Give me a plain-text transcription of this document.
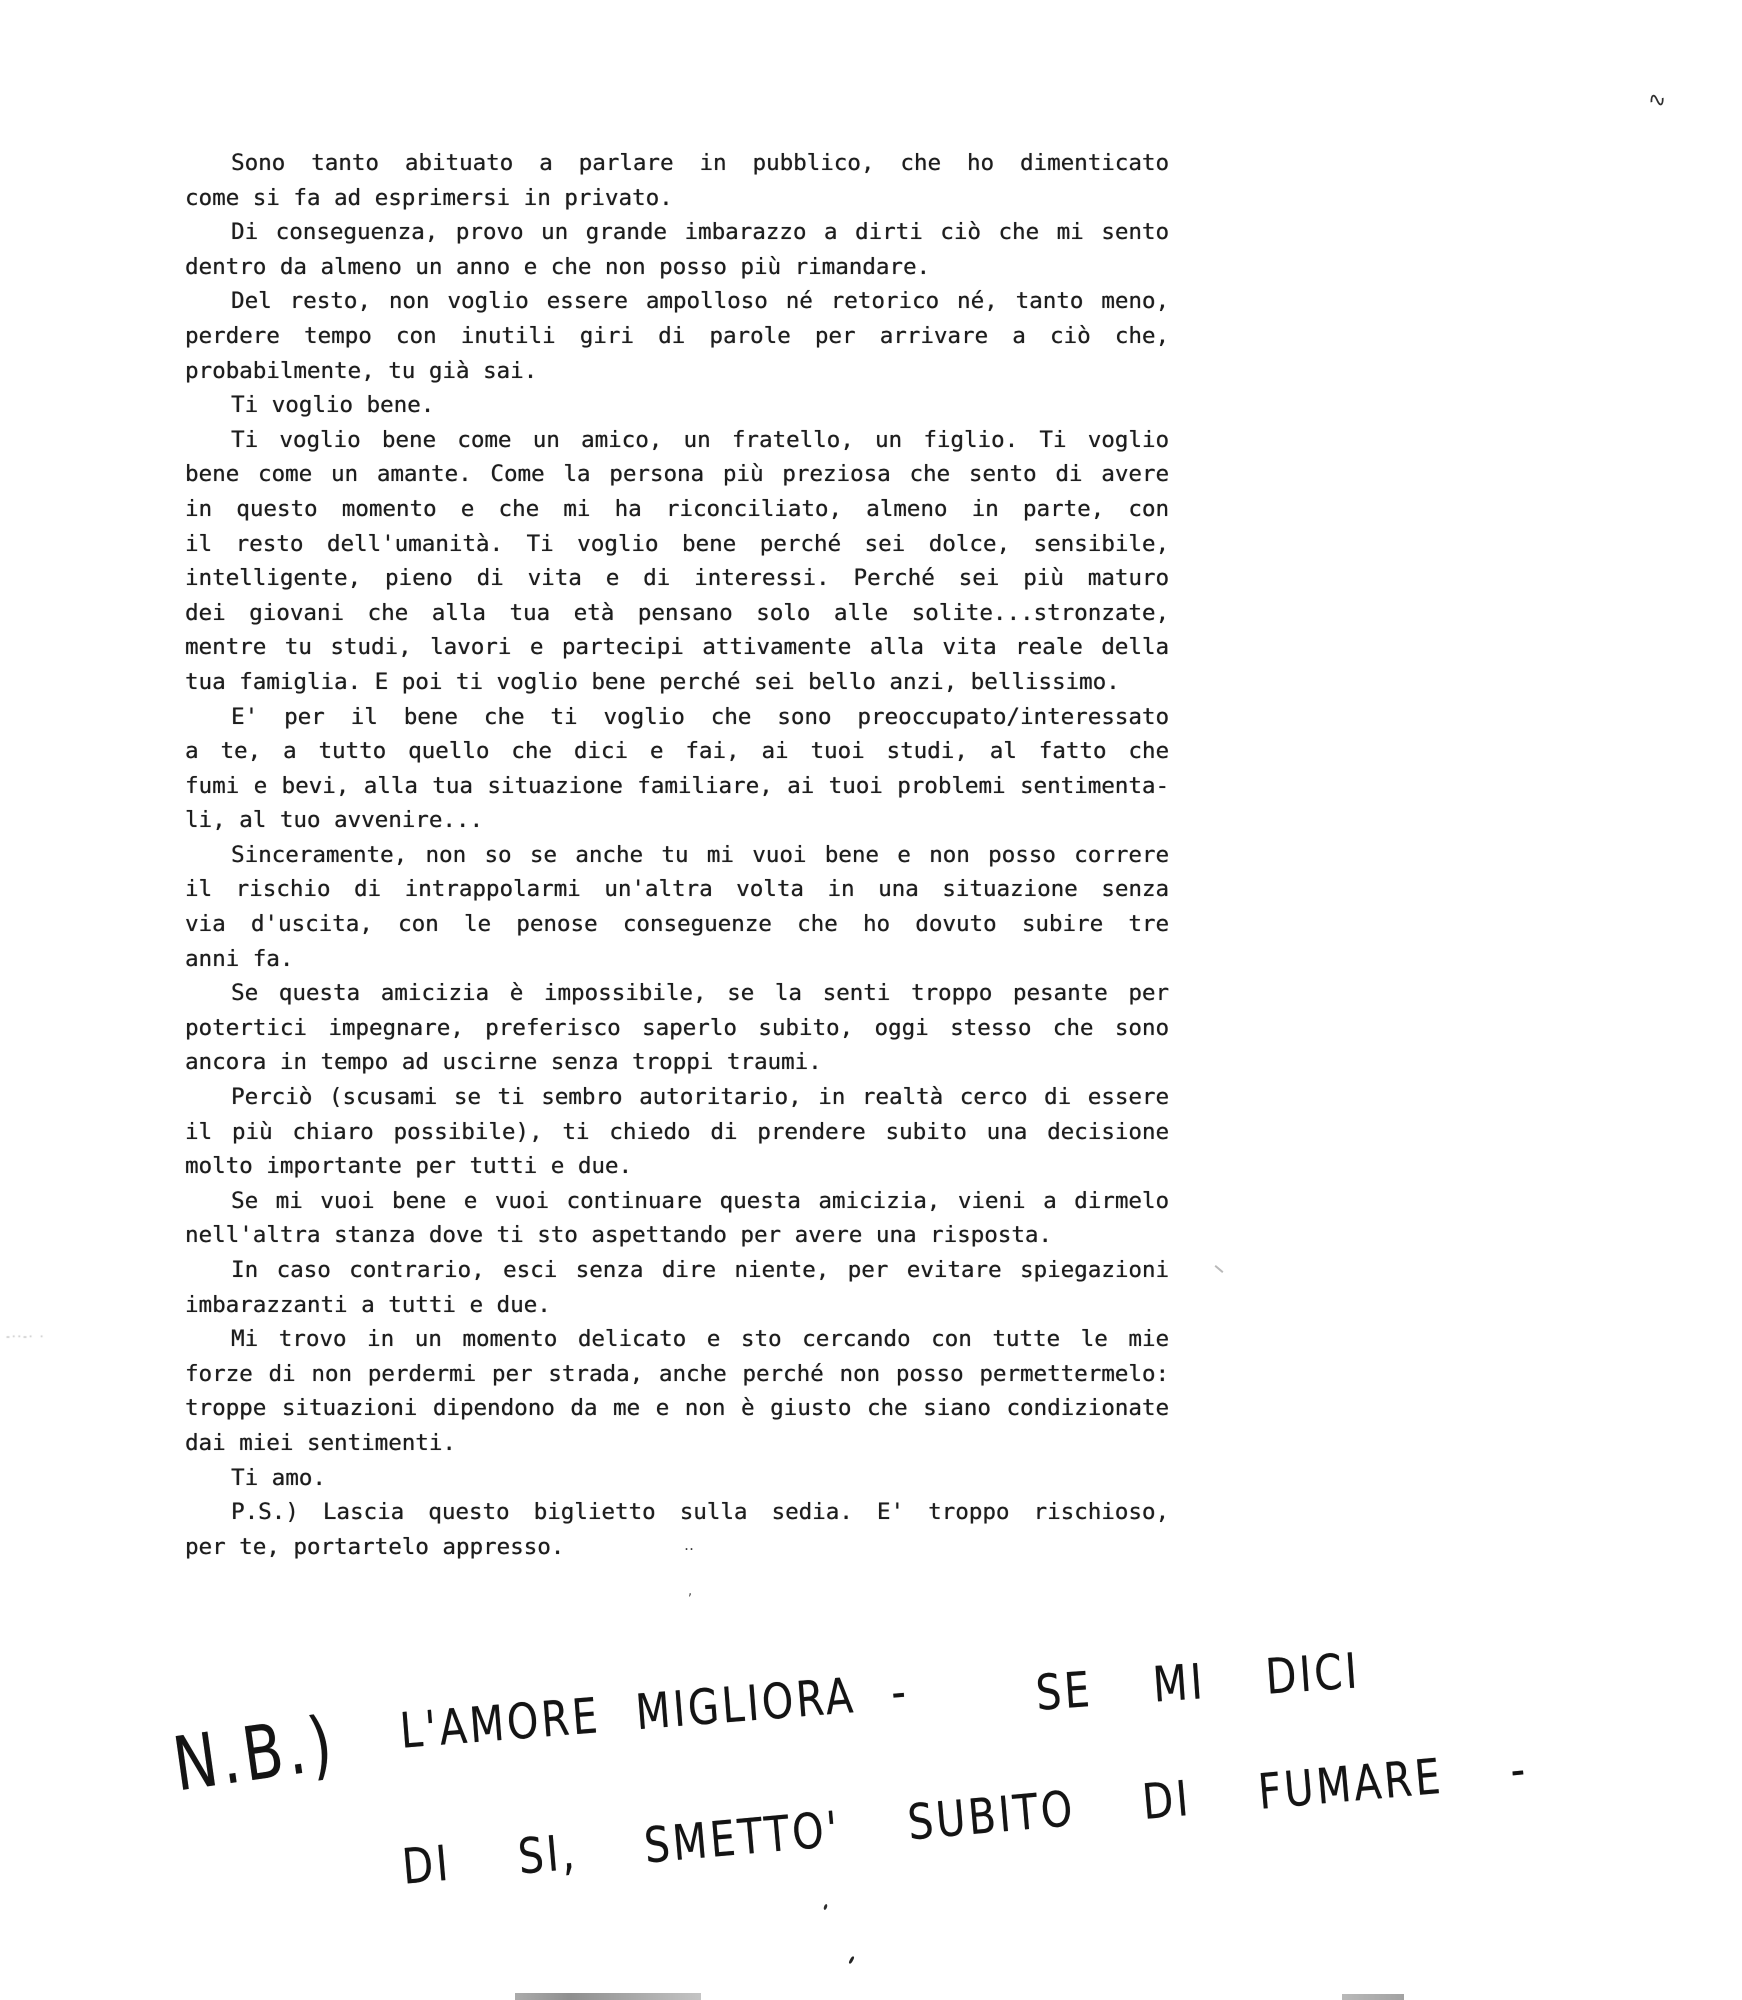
Sono tanto abituato a parlare in pubblico, che ho dimenticato
come si fa ad esprimersi in privato.
Di conseguenza, provo un grande imbarazzo a dirti ciò che mi sento
dentro da almeno un anno e che non posso più rimandare.
Del resto, non voglio essere ampolloso né retorico né, tanto meno,
perdere tempo con inutili giri di parole per arrivare a ciò che,
probabilmente, tu già sai.
Ti voglio bene.
Ti voglio bene come un amico, un fratello, un figlio. Ti voglio
bene come un amante. Come la persona più preziosa che sento di avere
in questo momento e che mi ha riconciliato, almeno in parte, con
il resto dell'umanità. Ti voglio bene perché sei dolce, sensibile,
intelligente, pieno di vita e di interessi. Perché sei più maturo
dei giovani che alla tua età pensano solo alle solite...stronzate,
mentre tu studi, lavori e partecipi attivamente alla vita reale della
tua famiglia. E poi ti voglio bene perché sei bello anzi, bellissimo.
E' per il bene che ti voglio che sono preoccupato/interessato
a te, a tutto quello che dici e fai, ai tuoi studi, al fatto che
fumi e bevi, alla tua situazione familiare, ai tuoi problemi sentimenta-
li, al tuo avvenire...
Sinceramente, non so se anche tu mi vuoi bene e non posso correre
il rischio di intrappolarmi un'altra volta in una situazione senza
via d'uscita, con le penose conseguenze che ho dovuto subire tre
anni fa.
Se questa amicizia è impossibile, se la senti troppo pesante per
potertici impegnare, preferisco saperlo subito, oggi stesso che sono
ancora in tempo ad uscirne senza troppi traumi.
Perciò (scusami se ti sembro autoritario, in realtà cerco di essere
il più chiaro possibile), ti chiedo di prendere subito una decisione
molto importante per tutti e due.
Se mi vuoi bene e vuoi continuare questa amicizia, vieni a dirmelo
nell'altra stanza dove ti sto aspettando per avere una risposta.
In caso contrario, esci senza dire niente, per evitare spiegazioni
imbarazzanti a tutti e due.
Mi trovo in un momento delicato e sto cercando con tutte le mie
forze di non perdermi per strada, anche perché non posso permettermelo:
troppe situazioni dipendono da me e non è giusto che siano condizionate
dai miei sentimenti.
Ti amo.
P.S.) Lascia questo biglietto sulla sedia. E' troppo rischioso,
per te, portartelo appresso.
N.B.) L'AMORE MIGLIORA -	SE MI DICI
DI SI, SMETTO' SUBITO DI FUMARE -
∿
-··-· ·
‥
,
